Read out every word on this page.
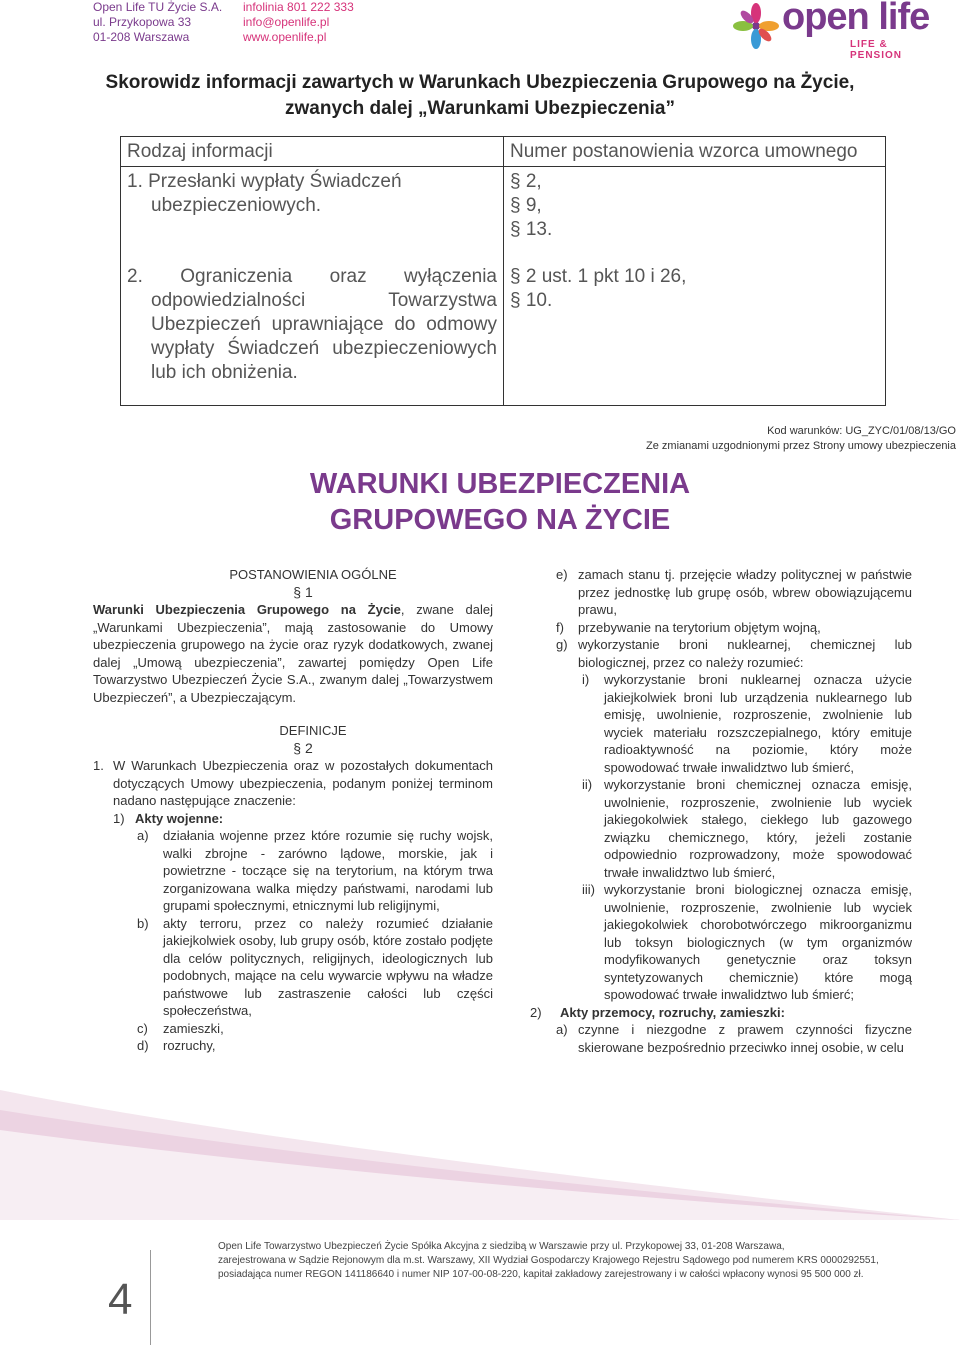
Open Life TU Życie S.A.
ul. Przykopowa 33
01-208 Warszawa
infolinia 801 222 333
info@openlife.pl
www.openlife.pl	open life
LIFE & PENSION
Skorowidz informacji zawartych w Warunkach Ubezpieczenia Grupowego na Życie,
zwanych dalej „Warunkami Ubezpieczenia”
Rodzaj informacji	Numer postanowienia wzorca umownego

1. Przesłanki wypłaty Świadczeń ubezpieczeniowych.	§ 2,
§ 9,
§ 13.

2. Ograniczenia oraz wyłączenia odpowiedzialności Towarzystwa Ubezpieczeń uprawniające do odmowy wypłaty Świadczeń ubezpieczeniowych lub ich obniżenia.	§ 2 ust. 1 pkt 10 i 26,
§ 10.
Kod warunków: UG_ZYC/01/08/13/GO
Ze zmianami uzgodnionymi przez Strony umowy ubezpieczenia
WARUNKI UBEZPIECZENIA
GRUPOWEGO NA ŻYCIE
POSTANOWIENIA OGÓLNE
§ 1
Warunki Ubezpieczenia Grupowego na Życie, zwane dalej „Warunkami Ubezpieczenia”, mają zastosowanie do Umowy ubezpieczenia grupowego na życie oraz ryzyk dodatkowych, zwanej dalej „Umową ubezpieczenia”, zawartej pomiędzy Open Life Towarzystwo Ubezpieczeń Życie S.A., zwanym dalej „Towarzystwem Ubezpieczeń”, a Ubezpieczającym.
DEFINICJE
§ 2
1. W Warunkach Ubezpieczenia oraz w pozostałych dokumentach dotyczących Umowy ubezpieczenia, podanym poniżej terminom nadano następujące znaczenie:
1) Akty wojenne:
a) działania wojenne przez które rozumie się ruchy wojsk, walki zbrojne - zarówno lądowe, morskie, jak i powietrzne - toczące się na terytorium, na którym trwa zorganizowana walka między państwami, narodami lub grupami społecznymi, etnicznymi lub religijnymi,
b) akty terroru, przez co należy rozumieć działanie jakiejkolwiek osoby, lub grupy osób, które zostało podjęte dla celów politycznych, religijnych, ideologicznych lub podobnych, mające na celu wywarcie wpływu na władze państwowe lub zastraszenie całości lub części społeczeństwa,
c) zamieszki,
d) rozruchy,
e) zamach stanu tj. przejęcie władzy politycznej w państwie przez jednostkę lub grupę osób, wbrew obowiązującemu prawu,
f) przebywanie na terytorium objętym wojną,
g) wykorzystanie broni nuklearnej, chemicznej lub biologicznej, przez co należy rozumieć:
i) wykorzystanie broni nuklearnej oznacza użycie jakiejkolwiek broni lub urządzenia nuklearnego lub emisję, uwolnienie, rozproszenie, zwolnienie lub wyciek materiału rozszczepialnego, który emituje radioaktywność na poziomie, który może spowodować trwałe inwalidztwo lub śmierć,
ii) wykorzystanie broni chemicznej oznacza emisję, uwolnienie, rozproszenie, zwolnienie lub wyciek jakiegokolwiek stałego, ciekłego lub gazowego związku chemicznego, który, jeżeli zostanie odpowiednio rozprowadzony, może spowodować trwałe inwalidztwo lub śmierć,
iii) wykorzystanie broni biologicznej oznacza emisję, uwolnienie, rozproszenie, zwolnienie lub wyciek jakiegokolwiek chorobotwórczego mikroorganizmu lub toksyn biologicznych (w tym organizmów modyfikowanych genetycznie oraz toksyn syntetyzowanych chemicznie) które mogą spowodować trwałe inwalidztwo lub śmierć;
2) Akty przemocy, rozruchy, zamieszki:
a) czynne i niezgodne z prawem czynności fizyczne skierowane bezpośrednio przeciwko innej osobie, w celu
4
Open Life Towarzystwo Ubezpieczeń Życie Spółka Akcyjna z siedzibą w Warszawie przy ul. Przykopowej 33, 01-208 Warszawa,
zarejestrowana w Sądzie Rejonowym dla m.st. Warszawy, XII Wydział Gospodarczy Krajowego Rejestru Sądowego pod numerem KRS 0000292551,
posiadająca numer REGON 141186640 i numer NIP 107-00-08-220, kapitał zakładowy zarejestrowany i w całości wpłacony wynosi 95 500 000 zł.
